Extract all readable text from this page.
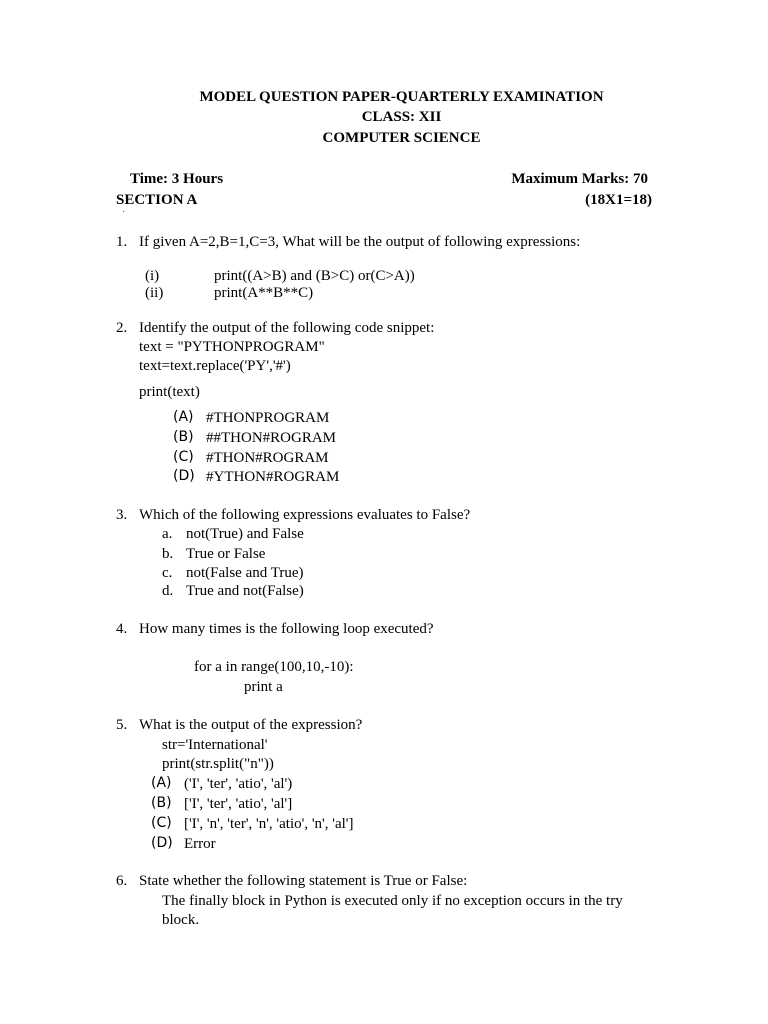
MODEL QUESTION PAPER-QUARTERLY EXAMINATION
CLASS: XII
COMPUTER SCIENCE
Time: 3 Hours	Maximum Marks: 70
SECTION A	(18X1=18)
·
1. If given A=2,B=1,C=3, What will be the output of following expressions:
(i)	print((A>B) and (B>C) or(C>A))
(ii)	print(A**B**C)
2. Identify the output of the following code snippet:
text = "PYTHONPROGRAM"
text=text.replace('PY','#')
print(text)
(A) #THONPROGRAM
(B) ##THON#ROGRAM
(C) #THON#ROGRAM
(D) #YTHON#ROGRAM
3. Which of the following expressions evaluates to False?
a. not(True) and False
b. True or False
c. not(False and True)
d. True and not(False)
4. How many times is the following loop executed?
for a in range(100,10,-10):
print a
5. What is the output of the expression?
str='International'
print(str.split("n"))
(A) ('I', 'ter', 'atio', 'al')
(B) ['I', 'ter', 'atio', 'al']
(C) ['I', 'n', 'ter', 'n', 'atio', 'n', 'al']
(D) Error
6. State whether the following statement is True or False:
The finally block in Python is executed only if no exception occurs in the try block.
